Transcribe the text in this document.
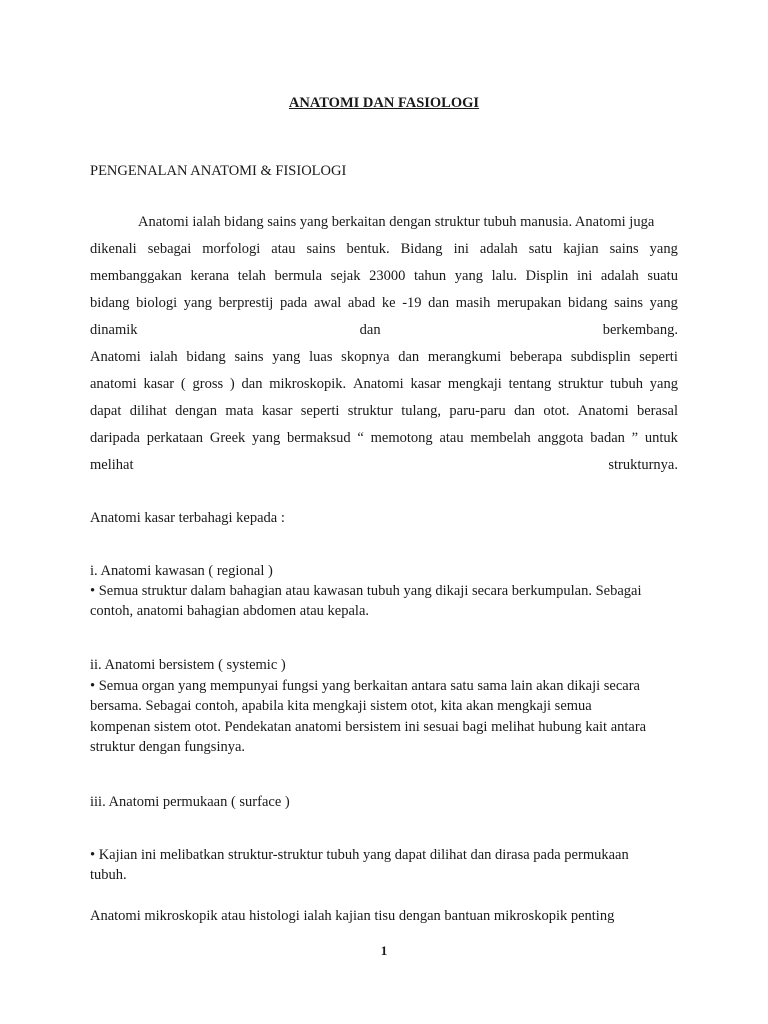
ANATOMI DAN FASIOLOGI

PENGENALAN ANATOMI & FISIOLOGI

Anatomi ialah bidang sains yang berkaitan dengan struktur tubuh manusia. Anatomi juga

dikenali sebagai morfologi atau sains bentuk. Bidang ini adalah satu kajian sains yang

membanggakan kerana telah bermula sejak 23000 tahun yang lalu. Displin ini adalah suatu

bidang biologi yang berprestij pada awal abad ke -19 dan masih merupakan bidang sains yang

dinamik	dan	berkembang.

Anatomi ialah bidang sains yang luas skopnya dan merangkumi beberapa subdisplin seperti

anatomi kasar ( gross ) dan mikroskopik. Anatomi kasar mengkaji tentang struktur tubuh yang

dapat dilihat dengan mata kasar seperti struktur tulang, paru-paru dan otot. Anatomi berasal

daripada perkataan Greek yang bermaksud “ memotong atau membelah anggota badan ” untuk

melihat	strukturnya.

Anatomi kasar terbahagi kepada :

i. Anatomi kawasan ( regional )

• Semua struktur dalam bahagian atau kawasan tubuh yang dikaji secara berkumpulan. Sebagai

contoh, anatomi bahagian abdomen atau kepala.

ii. Anatomi bersistem ( systemic )

• Semua organ yang mempunyai fungsi yang berkaitan antara satu sama lain akan dikaji secara

bersama. Sebagai contoh, apabila kita mengkaji sistem otot, kita akan mengkaji semua

kompenan sistem otot. Pendekatan anatomi bersistem ini sesuai bagi melihat hubung kait antara

struktur dengan fungsinya.

iii. Anatomi permukaan ( surface )

• Kajian ini melibatkan struktur-struktur tubuh yang dapat dilihat dan dirasa pada permukaan

tubuh.

Anatomi mikroskopik atau histologi ialah kajian tisu dengan bantuan mikroskopik penting

1
